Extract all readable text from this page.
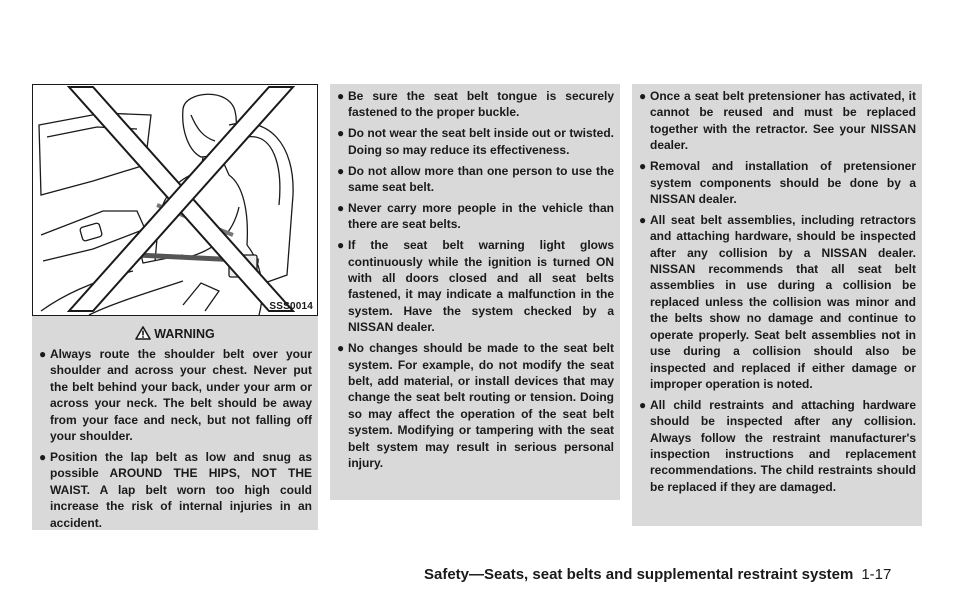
SSS0014
WARNING
● Always route the shoulder belt over your shoulder and across your chest. Never put the belt behind your back, under your arm or across your neck. The belt should be away from your face and neck, but not falling off your shoulder.
● Position the lap belt as low and snug as possible AROUND THE HIPS, NOT THE WAIST. A lap belt worn too high could increase the risk of internal injuries in an accident.
● Be sure the seat belt tongue is securely fastened to the proper buckle.
● Do not wear the seat belt inside out or twisted. Doing so may reduce its effectiveness.
● Do not allow more than one person to use the same seat belt.
● Never carry more people in the vehicle than there are seat belts.
● If the seat belt warning light glows continuously while the ignition is turned ON with all doors closed and all seat belts fastened, it may indicate a malfunction in the system. Have the system checked by a NISSAN dealer.
● No changes should be made to the seat belt system. For example, do not modify the seat belt, add material, or install devices that may change the seat belt routing or tension. Doing so may affect the operation of the seat belt system. Modifying or tampering with the seat belt system may result in serious personal injury.
● Once a seat belt pretensioner has activated, it cannot be reused and must be replaced together with the retractor. See your NISSAN dealer.
● Removal and installation of pretensioner system components should be done by a NISSAN dealer.
● All seat belt assemblies, including retractors and attaching hardware, should be inspected after any collision by a NISSAN dealer. NISSAN recommends that all seat belt assemblies in use during a collision be replaced unless the collision was minor and the belts show no damage and continue to operate properly. Seat belt assemblies not in use during a collision should also be inspected and replaced if either damage or improper operation is noted.
● All child restraints and attaching hardware should be inspected after any collision. Always follow the restraint manufacturer's inspection instructions and replacement recommendations. The child restraints should be replaced if they are damaged.
Safety—Seats, seat belts and supplemental restraint system 1-17
